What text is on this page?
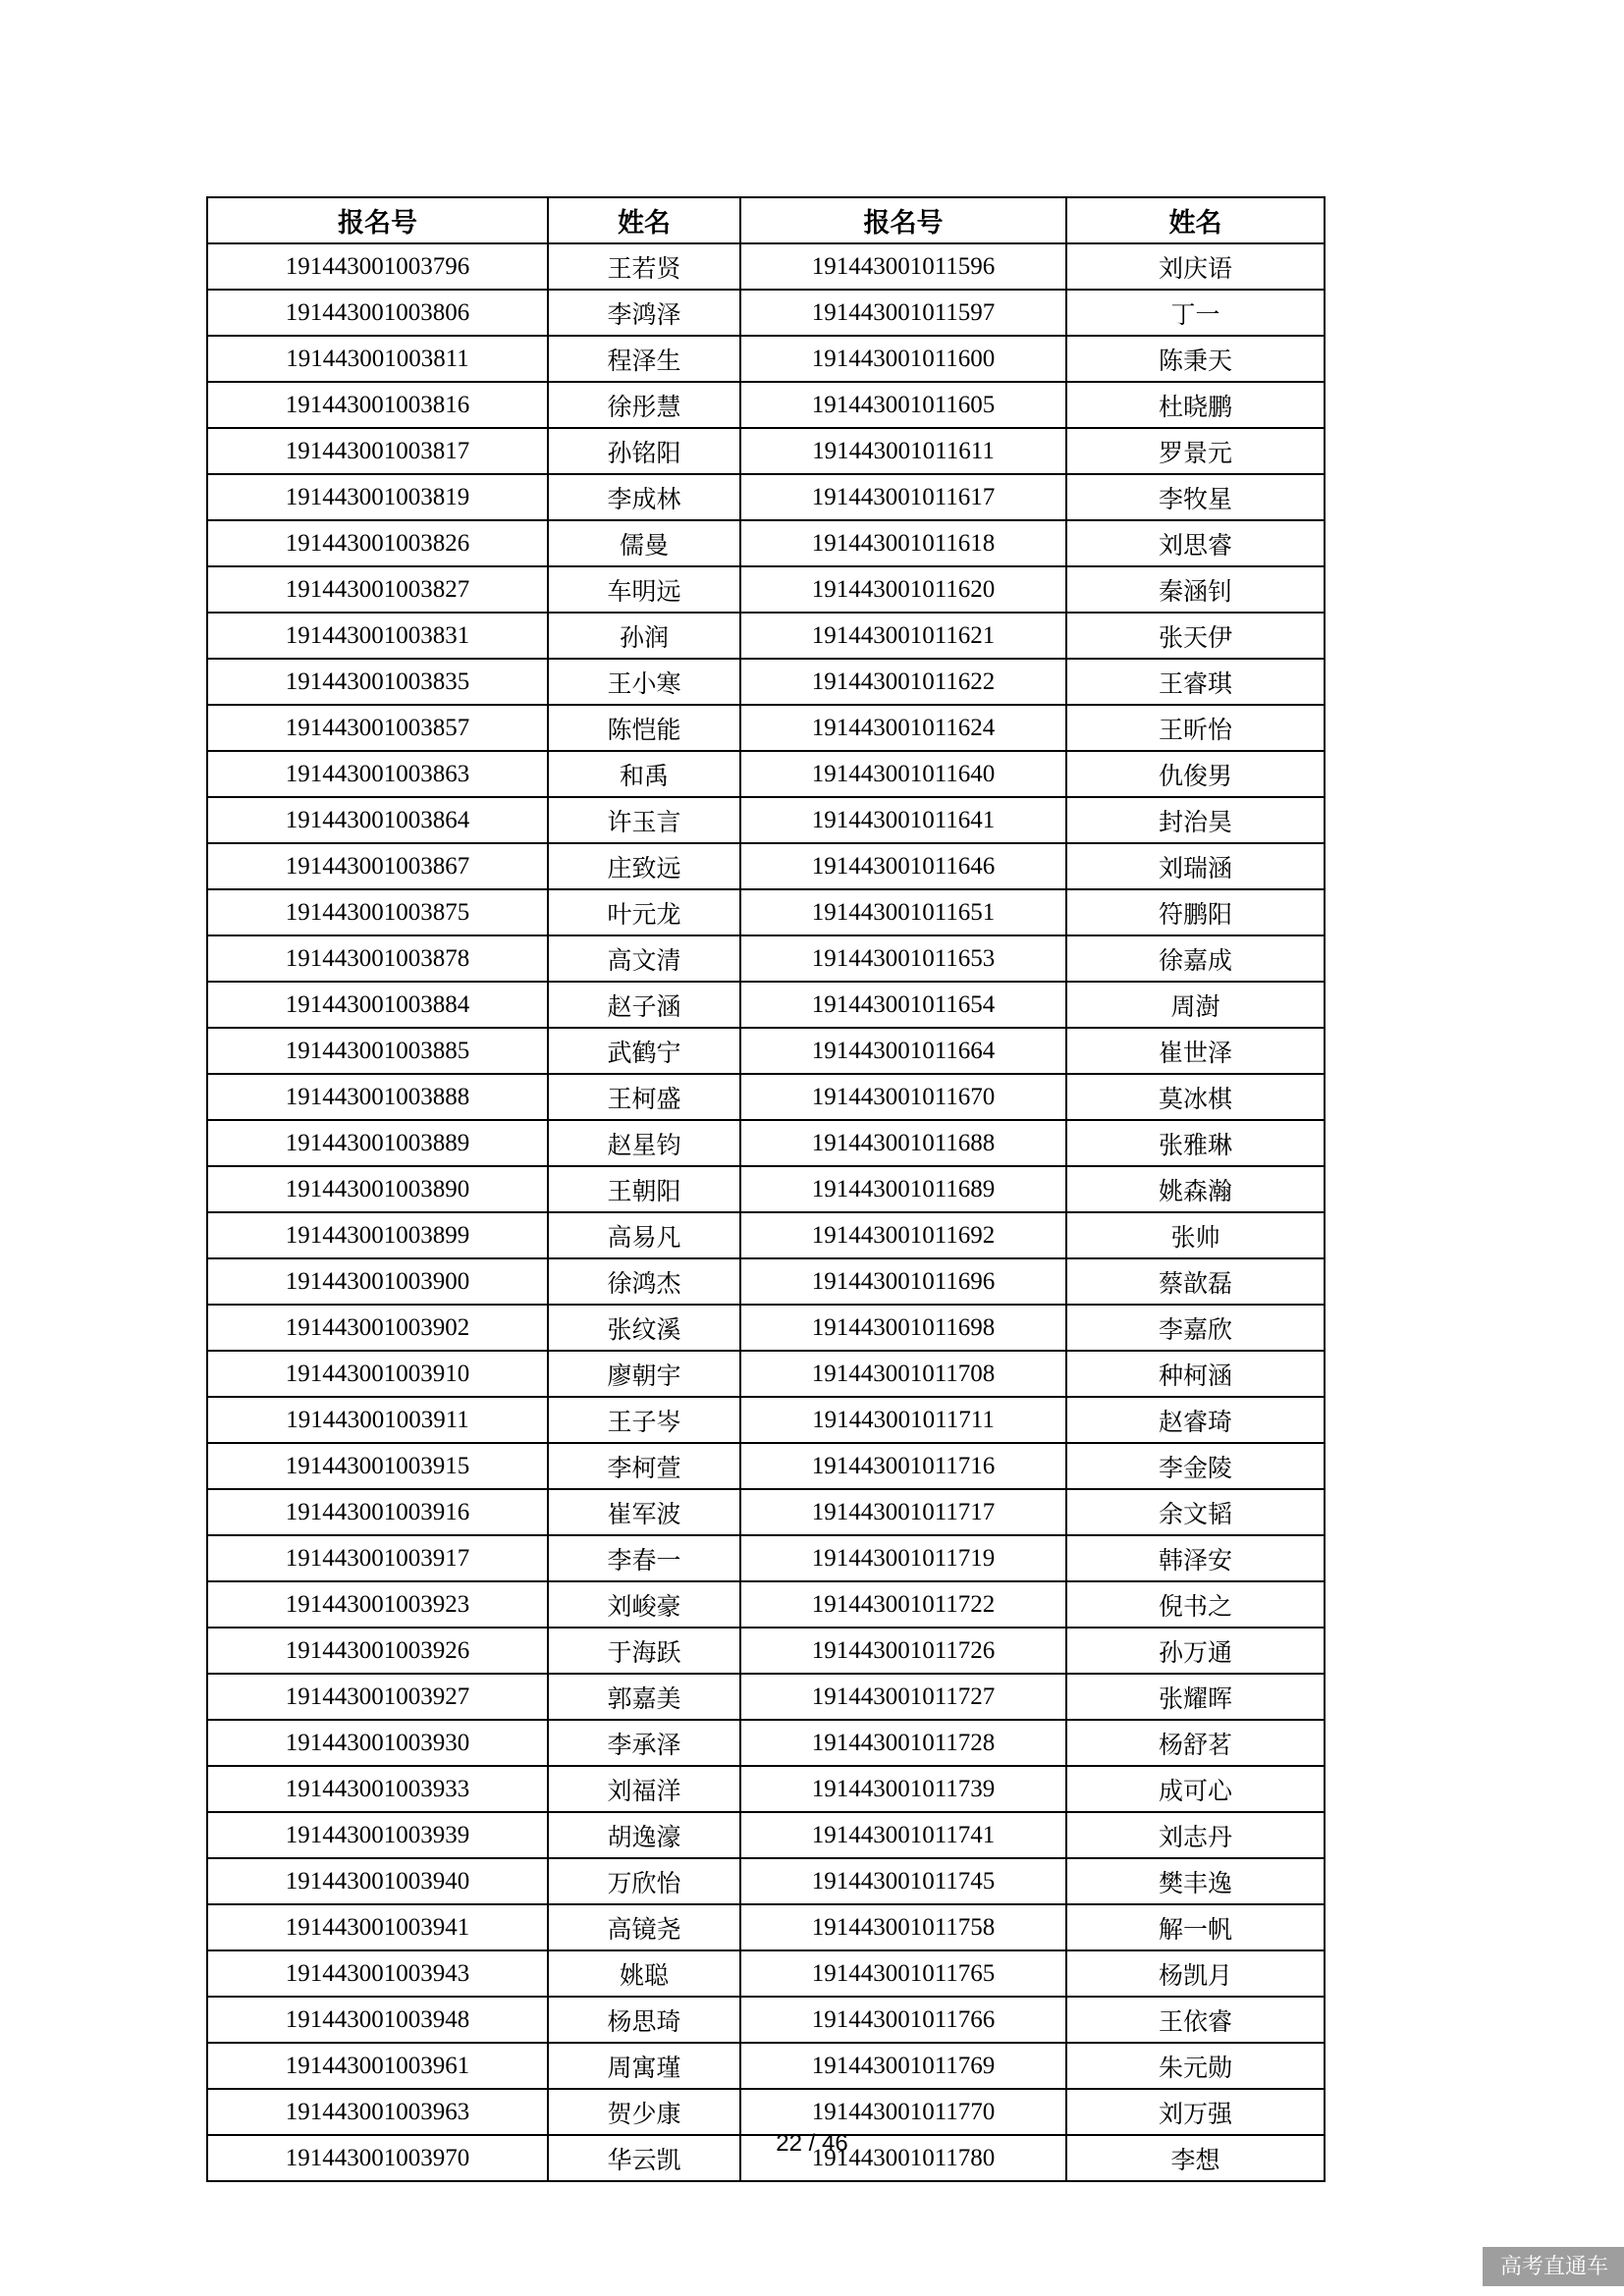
报名号	姓名	报名号	姓名
191443001003796	王若贤	191443001011596	刘庆语
191443001003806	李鸿泽	191443001011597	丁一
191443001003811	程泽生	191443001011600	陈秉天
191443001003816	徐彤慧	191443001011605	杜晓鹏
191443001003817	孙铭阳	191443001011611	罗景元
191443001003819	李成林	191443001011617	李牧星
191443001003826	儒曼	191443001011618	刘思睿
191443001003827	车明远	191443001011620	秦涵钊
191443001003831	孙润	191443001011621	张天伊
191443001003835	王小寒	191443001011622	王睿琪
191443001003857	陈恺能	191443001011624	王昕怡
191443001003863	和禹	191443001011640	仇俊男
191443001003864	许玉言	191443001011641	封治昊
191443001003867	庄致远	191443001011646	刘瑞涵
191443001003875	叶元龙	191443001011651	符鹏阳
191443001003878	高文清	191443001011653	徐嘉成
191443001003884	赵子涵	191443001011654	周澍
191443001003885	武鹤宁	191443001011664	崔世泽
191443001003888	王柯盛	191443001011670	莫冰棋
191443001003889	赵星钧	191443001011688	张雅琳
191443001003890	王朝阳	191443001011689	姚森瀚
191443001003899	高易凡	191443001011692	张帅
191443001003900	徐鸿杰	191443001011696	蔡歆磊
191443001003902	张纹溪	191443001011698	李嘉欣
191443001003910	廖朝宇	191443001011708	种柯涵
191443001003911	王子岑	191443001011711	赵睿琦
191443001003915	李柯萱	191443001011716	李金陵
191443001003916	崔军波	191443001011717	余文韬
191443001003917	李春一	191443001011719	韩泽安
191443001003923	刘峻豪	191443001011722	倪书之
191443001003926	于海跃	191443001011726	孙万通
191443001003927	郭嘉美	191443001011727	张耀晖
191443001003930	李承泽	191443001011728	杨舒茗
191443001003933	刘福洋	191443001011739	成可心
191443001003939	胡逸濠	191443001011741	刘志丹
191443001003940	万欣怡	191443001011745	樊丰逸
191443001003941	高镜尧	191443001011758	解一帆
191443001003943	姚聪	191443001011765	杨凯月
191443001003948	杨思琦	191443001011766	王依睿
191443001003961	周寓瑾	191443001011769	朱元勋
191443001003963	贺少康	191443001011770	刘万强
191443001003970	华云凯	191443001011780	李想
22 / 46
高考直通车
